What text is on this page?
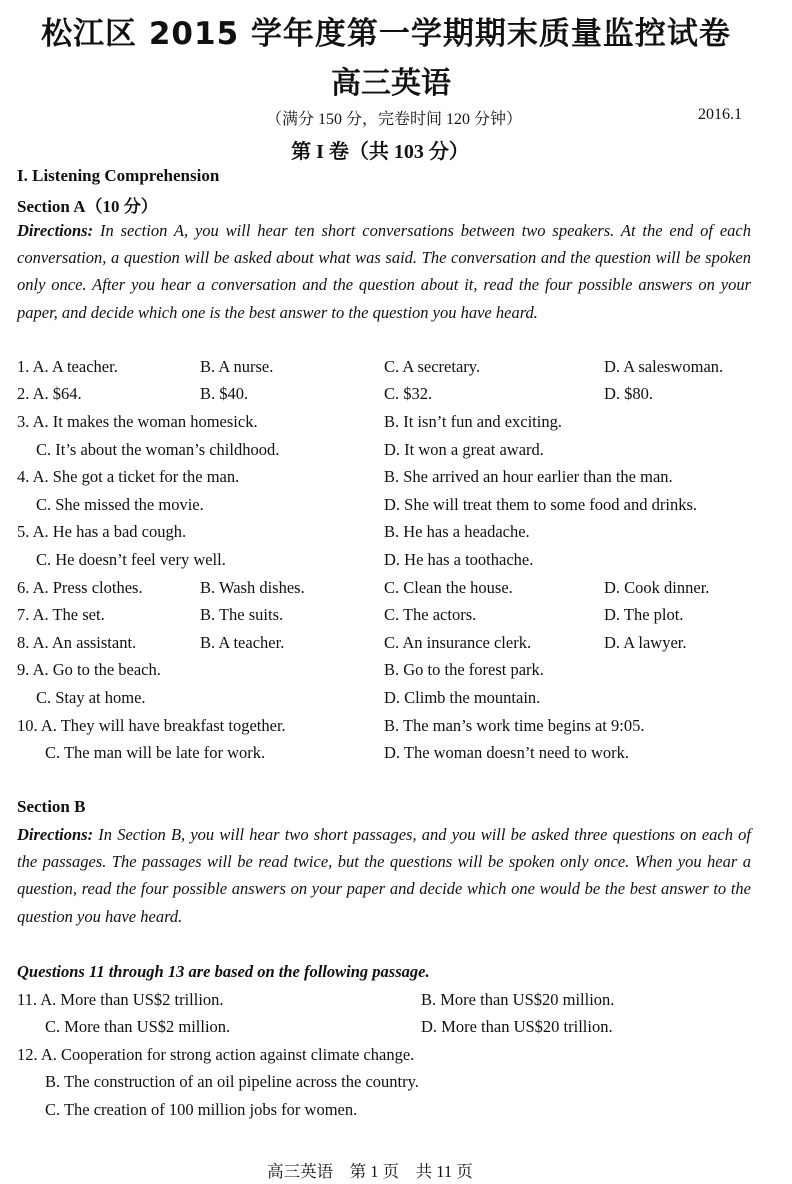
松江区 2015 学年度第一学期期末质量监控试卷
高三英语
（满分 150 分，完卷时间 120 分钟）	2016.1
第 I 卷（共 103 分）
I. Listening Comprehension
Section A（10 分）
Directions: In section A, you will hear ten short conversations between two speakers. At the end of each conversation, a question will be asked about what was said. The conversation and the question will be spoken only once. After you hear a conversation and the question about it, read the four possible answers on your paper, and decide which one is the best answer to the question you have heard.
1. A. A teacher.	B. A nurse.	C. A secretary.	D. A saleswoman.
2. A. $64.	B. $40.	C. $32.	D. $80.
3. A. It makes the woman homesick.	B. It isn’t fun and exciting.
C. It’s about the woman’s childhood.	D. It won a great award.
4. A. She got a ticket for the man.	B. She arrived an hour earlier than the man.
C. She missed the movie.	D. She will treat them to some food and drinks.
5. A. He has a bad cough.	B. He has a headache.
C. He doesn’t feel very well.	D. He has a toothache.
6. A. Press clothes.	B. Wash dishes.	C. Clean the house.	D. Cook dinner.
7. A. The set.	B. The suits.	C. The actors.	D. The plot.
8. A. An assistant.	B. A teacher.	C. An insurance clerk.	D. A lawyer.
9. A. Go to the beach.	B. Go to the forest park.
C. Stay at home.	D. Climb the mountain.
10. A. They will have breakfast together.	B. The man’s work time begins at 9:05.
C. The man will be late for work.	D. The woman doesn’t need to work.
Section B
Directions: In Section B, you will hear two short passages, and you will be asked three questions on each of the passages. The passages will be read twice, but the questions will be spoken only once. When you hear a question, read the four possible answers on your paper and decide which one would be the best answer to the question you have heard.
Questions 11 through 13 are based on the following passage.
11. A. More than US$2 trillion.	B. More than US$20 million.
C. More than US$2 million.	D. More than US$20 trillion.
12. A. Cooperation for strong action against climate change.
B. The construction of an oil pipeline across the country.
C. The creation of 100 million jobs for women.
高三英语　第 1 页　共 11 页
